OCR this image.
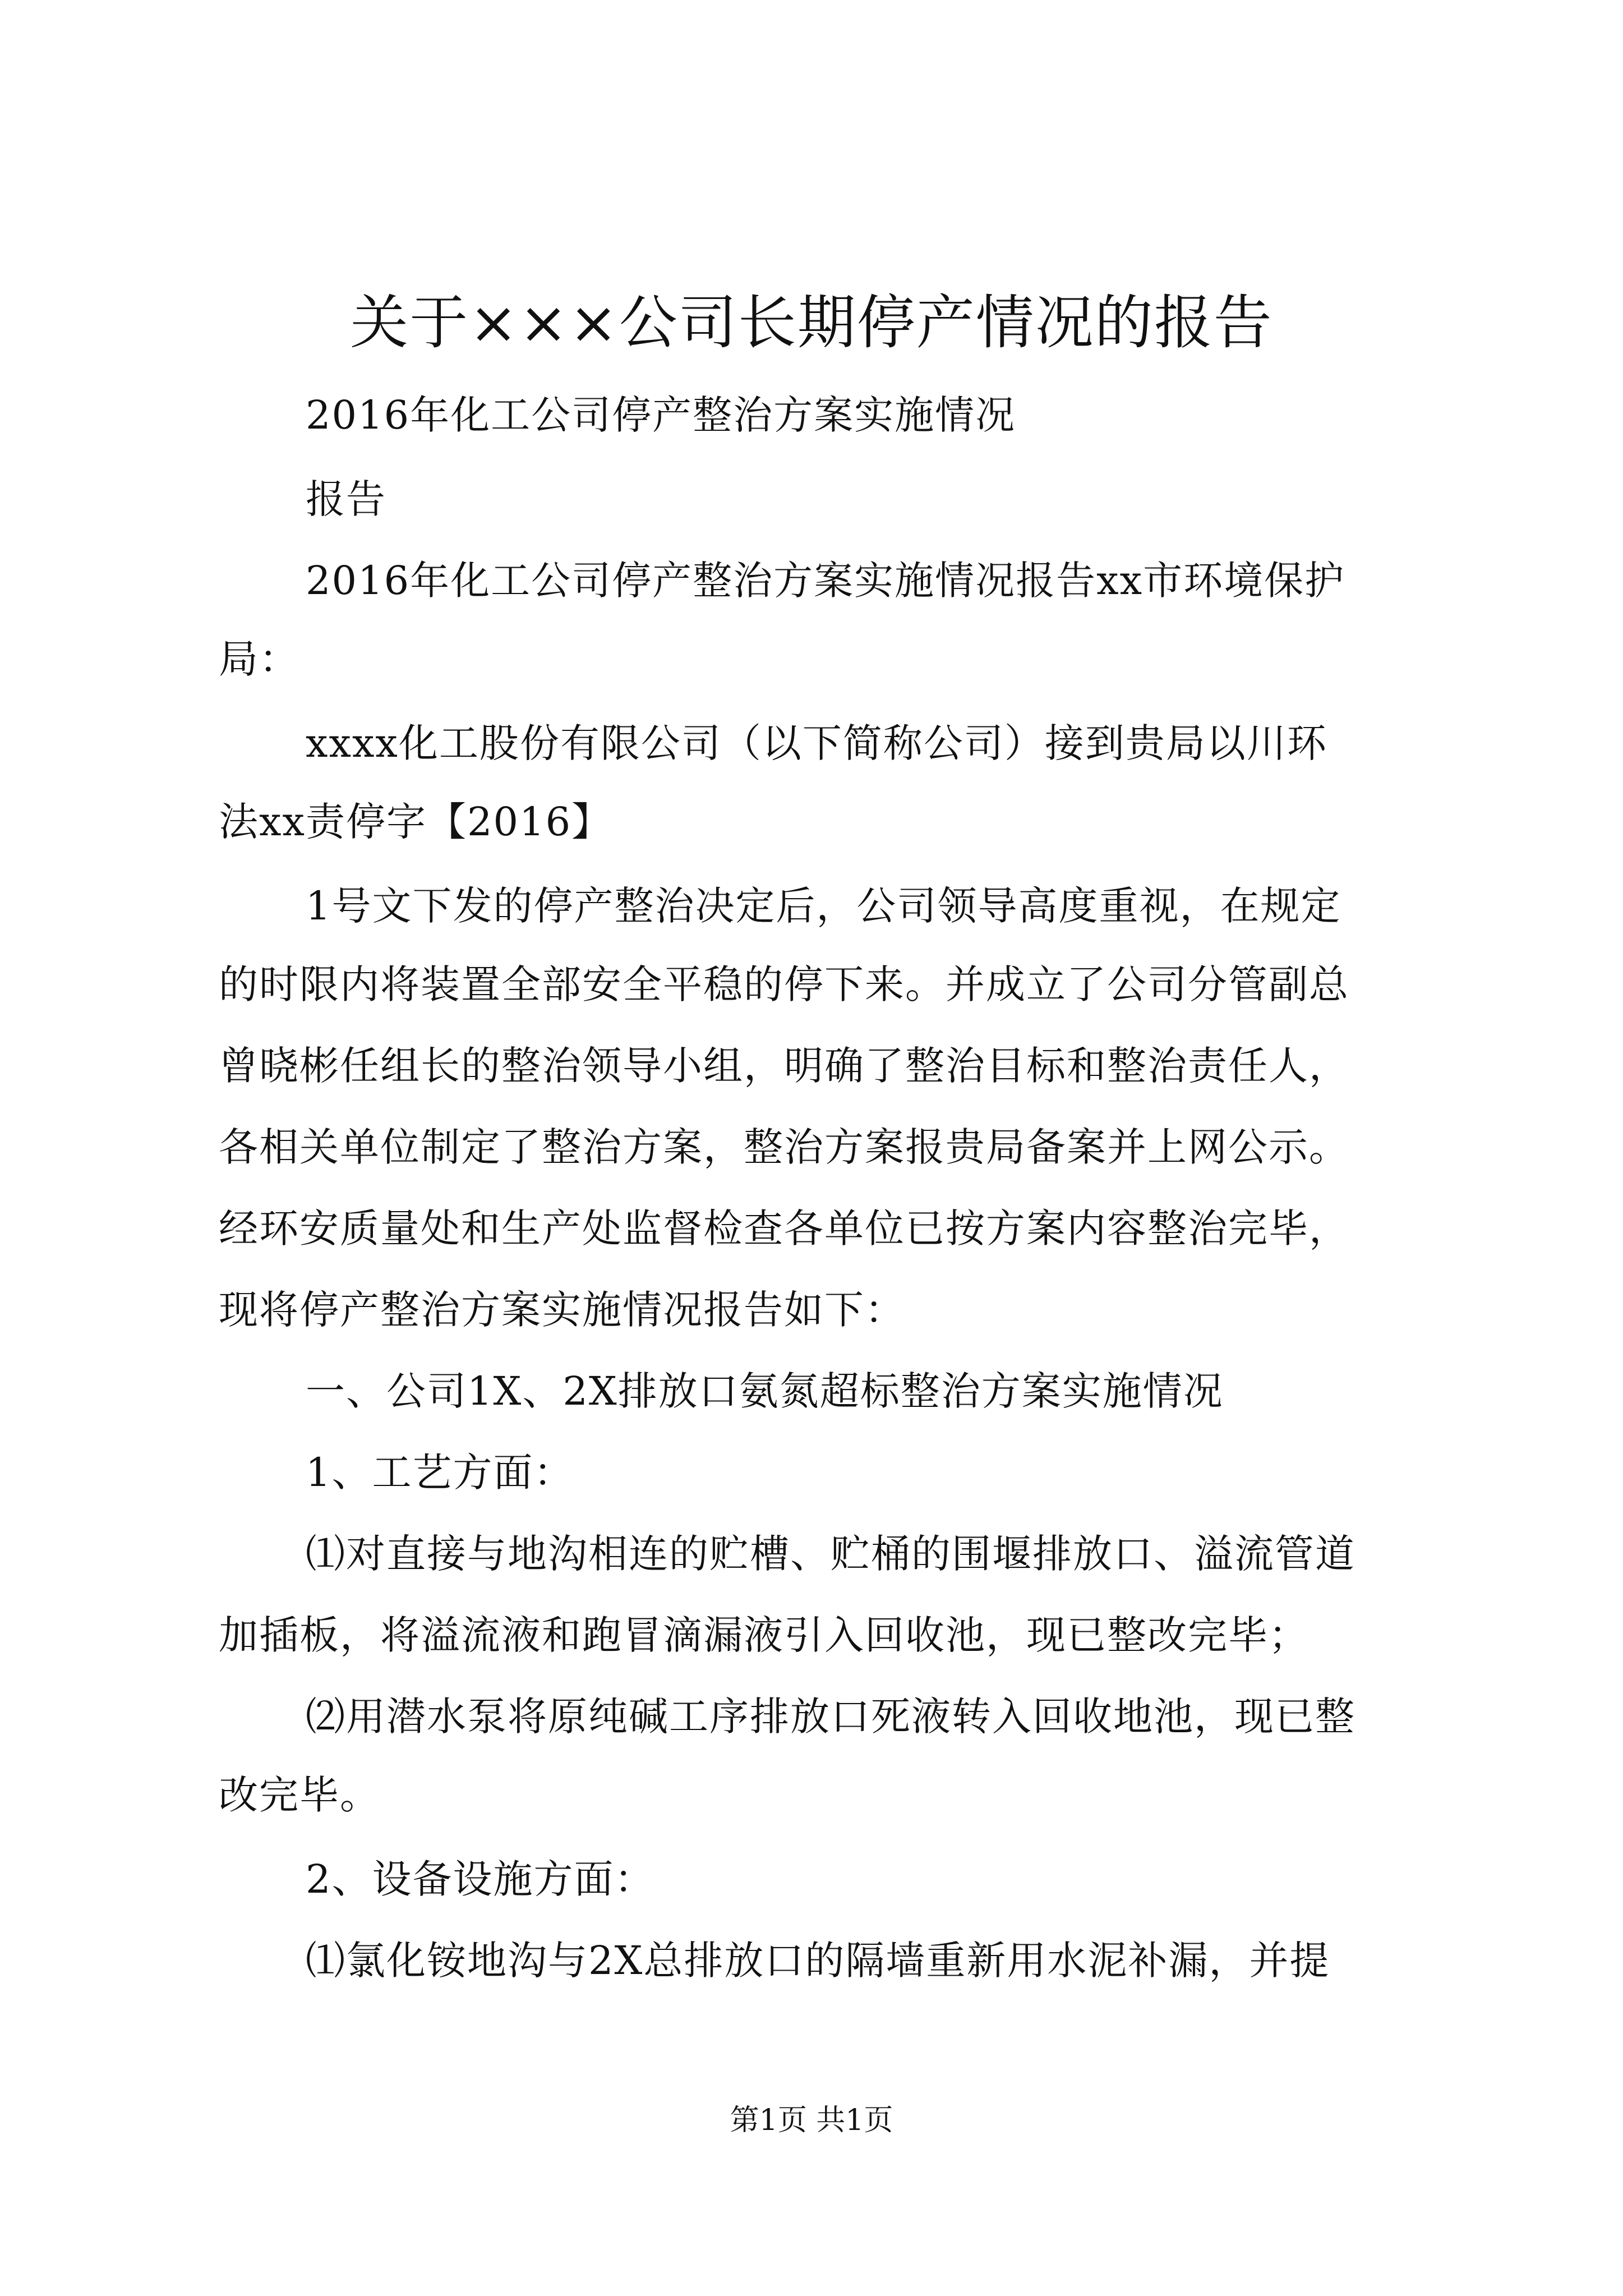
关于×××公司长期停产情况的报告
2016年化工公司停产整治方案实施情况
报告
2016年化工公司停产整治方案实施情况报告xx市环境保护
局：
xxxx化工股份有限公司（以下简称公司）接到贵局以川环
法xx责停字【2016】
1号文下发的停产整治决定后，公司领导高度重视，在规定
的时限内将装置全部安全平稳的停下来。并成立了公司分管副总
曾晓彬任组长的整治领导小组，明确了整治目标和整治责任人，
各相关单位制定了整治方案，整治方案报贵局备案并上网公示。
经环安质量处和生产处监督检查各单位已按方案内容整治完毕，
现将停产整治方案实施情况报告如下：
一、公司1X、2X排放口氨氮超标整治方案实施情况
1、工艺方面：
⑴对直接与地沟相连的贮槽、贮桶的围堰排放口、溢流管道
加插板，将溢流液和跑冒滴漏液引入回收池，现已整改完毕；
⑵用潜水泵将原纯碱工序排放口死液转入回收地池，现已整
改完毕。
2、设备设施方面：
⑴氯化铵地沟与2X总排放口的隔墙重新用水泥补漏，并提
第1页 共1页
